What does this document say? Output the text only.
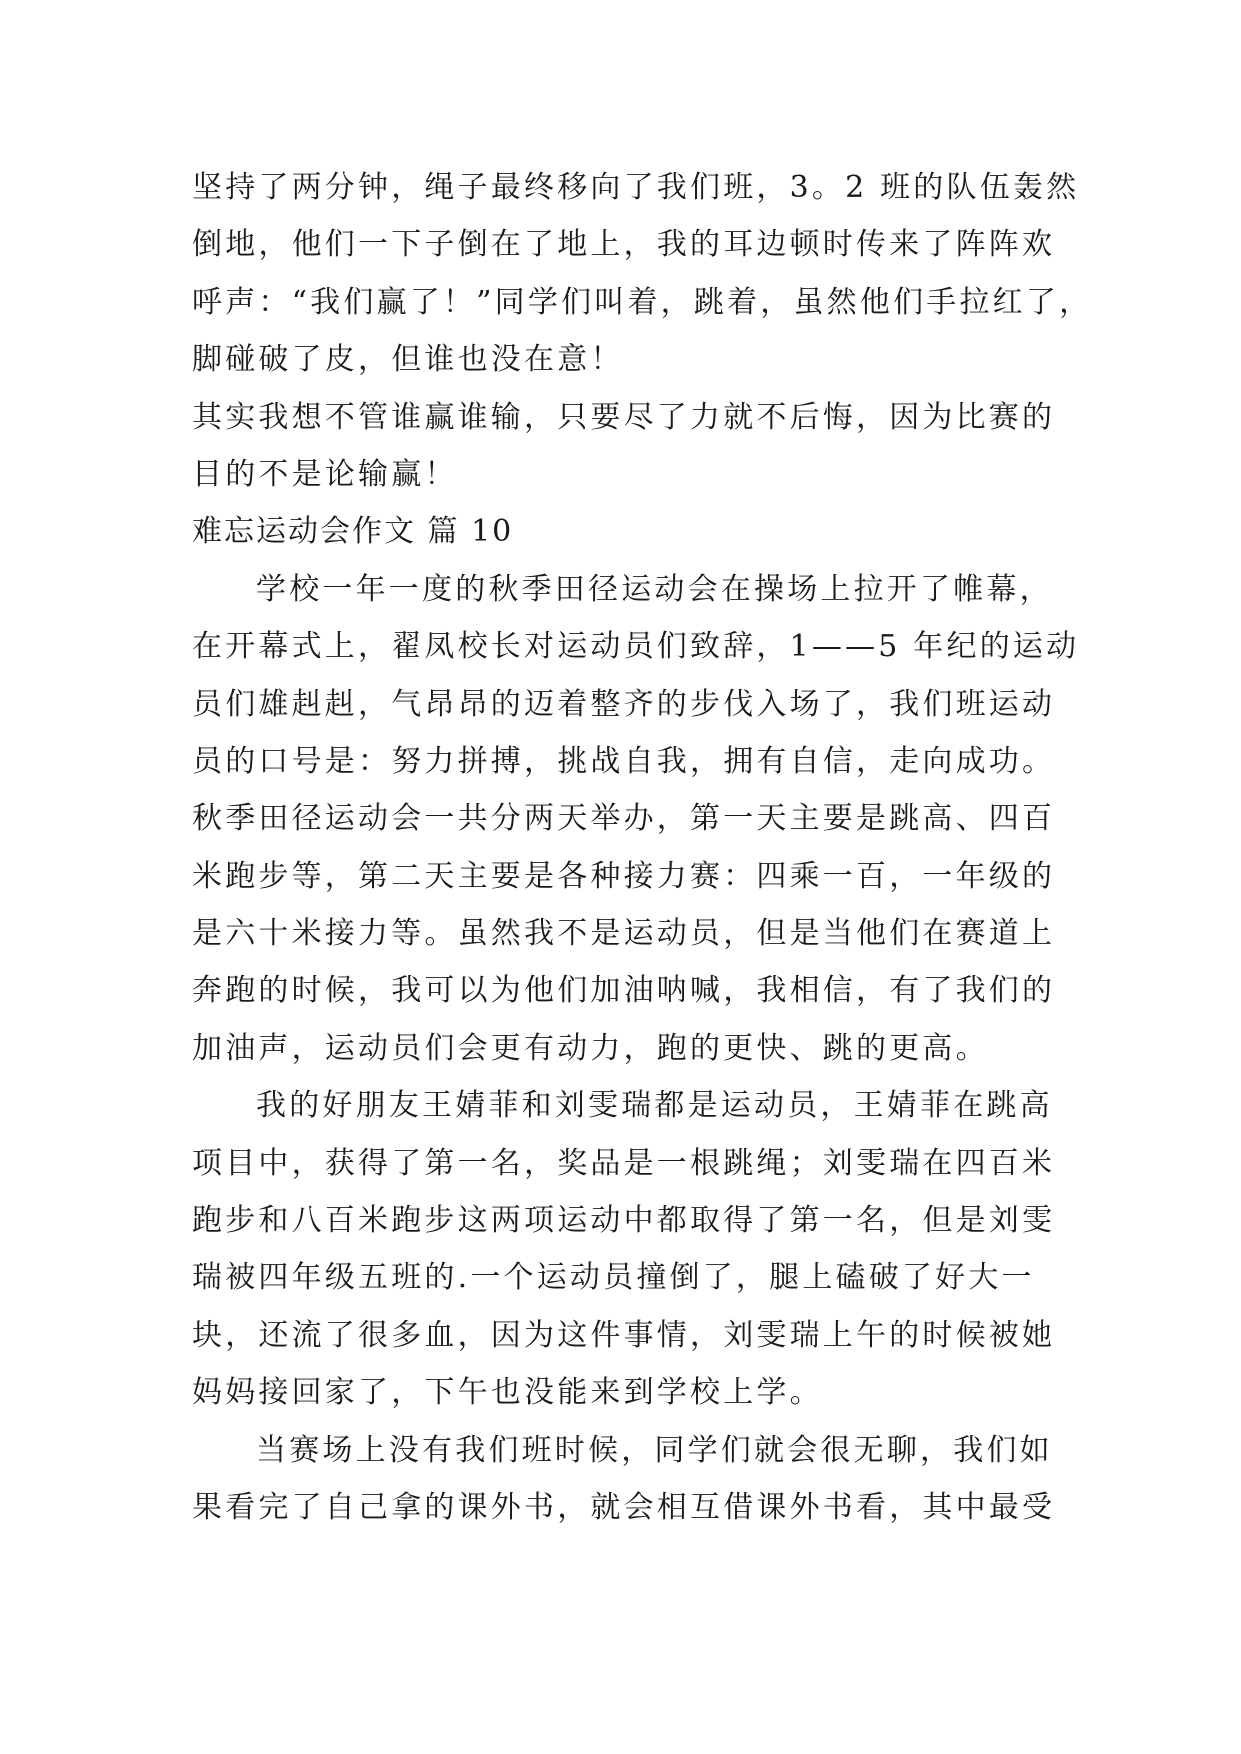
坚持了两分钟，绳子最终移向了我们班，3。2 班的队伍轰然
倒地，他们一下子倒在了地上，我的耳边顿时传来了阵阵欢
呼声：“我们赢了！”同学们叫着，跳着，虽然他们手拉红了，
脚碰破了皮，但谁也没在意！
其实我想不管谁赢谁输，只要尽了力就不后悔，因为比赛的
目的不是论输赢！
难忘运动会作文 篇 10
学校一年一度的秋季田径运动会在操场上拉开了帷幕，
在开幕式上，翟凤校长对运动员们致辞，1——5 年纪的运动
员们雄赳赳，气昂昂的迈着整齐的步伐入场了，我们班运动
员的口号是：努力拼搏，挑战自我，拥有自信，走向成功。
秋季田径运动会一共分两天举办，第一天主要是跳高、四百
米跑步等，第二天主要是各种接力赛：四乘一百，一年级的
是六十米接力等。虽然我不是运动员，但是当他们在赛道上
奔跑的时候，我可以为他们加油呐喊，我相信，有了我们的
加油声，运动员们会更有动力，跑的更快、跳的更高。
我的好朋友王婧菲和刘雯瑞都是运动员，王婧菲在跳高
项目中，获得了第一名，奖品是一根跳绳；刘雯瑞在四百米
跑步和八百米跑步这两项运动中都取得了第一名，但是刘雯
瑞被四年级五班的.一个运动员撞倒了，腿上磕破了好大一
块，还流了很多血，因为这件事情，刘雯瑞上午的时候被她
妈妈接回家了，下午也没能来到学校上学。
当赛场上没有我们班时候，同学们就会很无聊，我们如
果看完了自己拿的课外书，就会相互借课外书看，其中最受
